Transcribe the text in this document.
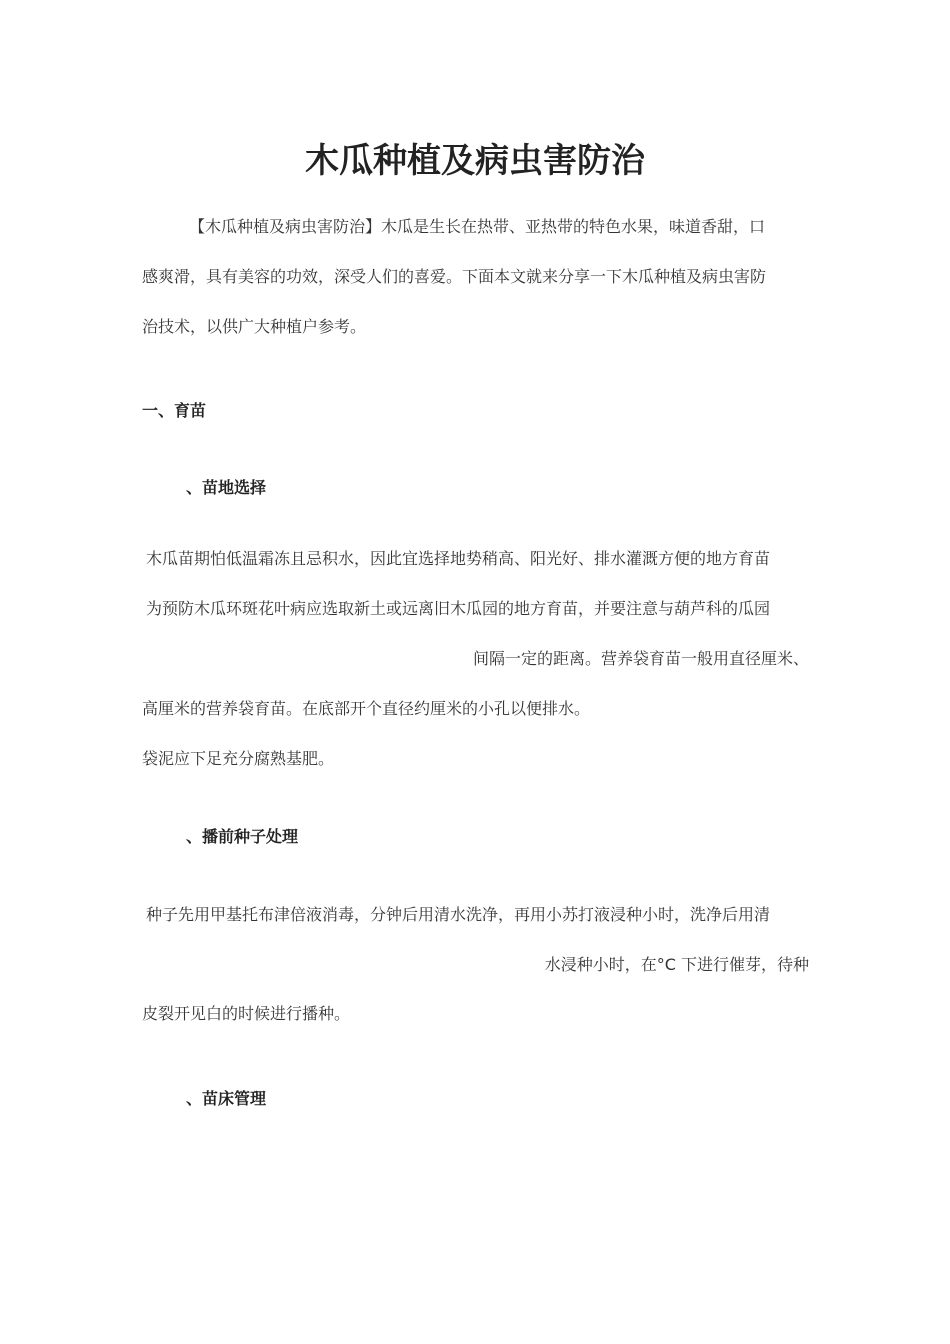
木瓜种植及病虫害防治
【木瓜种植及病虫害防治】木瓜是生长在热带、亚热带的特色水果，味道香甜，口
感爽滑，具有美容的功效，深受人们的喜爱。下面本文就来分享一下木瓜种植及病虫害防
治技术，以供广大种植户参考。
一、育苗
、苗地选择
木瓜苗期怕低温霜冻且忌积水，因此宜选择地势稍高、阳光好、排水灌溉方便的地方育苗
为预防木瓜环斑花叶病应选取新土或远离旧木瓜园的地方育苗，并要注意与葫芦科的瓜园
间隔一定的距离。营养袋育苗一般用直径厘米、
高厘米的营养袋育苗。在底部开个直径约厘米的小孔以便排水。
袋泥应下足充分腐熟基肥。
、播前种子处理
种子先用甲基托布津倍液消毒，分钟后用清水洗净，再用小苏打液浸种小时，洗净后用清
水浸种小时，在°C 下进行催芽，待种
皮裂开见白的时候进行播种。
、苗床管理
